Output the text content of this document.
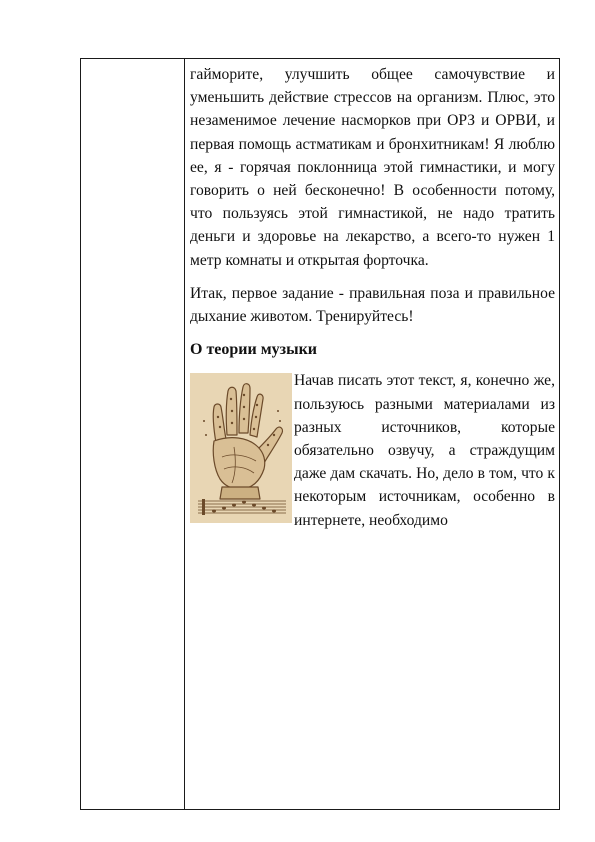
гайморите, улучшить общее самочувствие и уменьшить действие стрессов на организм. Плюс, это незаменимое лечение насморков при ОРЗ и ОРВИ, и первая помощь астматикам и бронхитникам! Я люблю ее, я - горячая поклонница этой гимнастики, и могу говорить о ней бесконечно! В особенности потому, что пользуясь этой гимнастикой, не надо тратить деньги и здоровье на лекарство, а всего-то нужен 1 метр комнаты и открытая форточка.

Итак, первое задание - правильная поза и правильное дыхание животом. Тренируйтесь!

О теории музыки

Начав писать этот текст, я, конечно же, пользуюсь разными материалами из разных источников, которые обязательно озвучу, а страждущим даже дам скачать. Но, дело в том, что к некоторым источникам, особенно в интернете, необходимо
